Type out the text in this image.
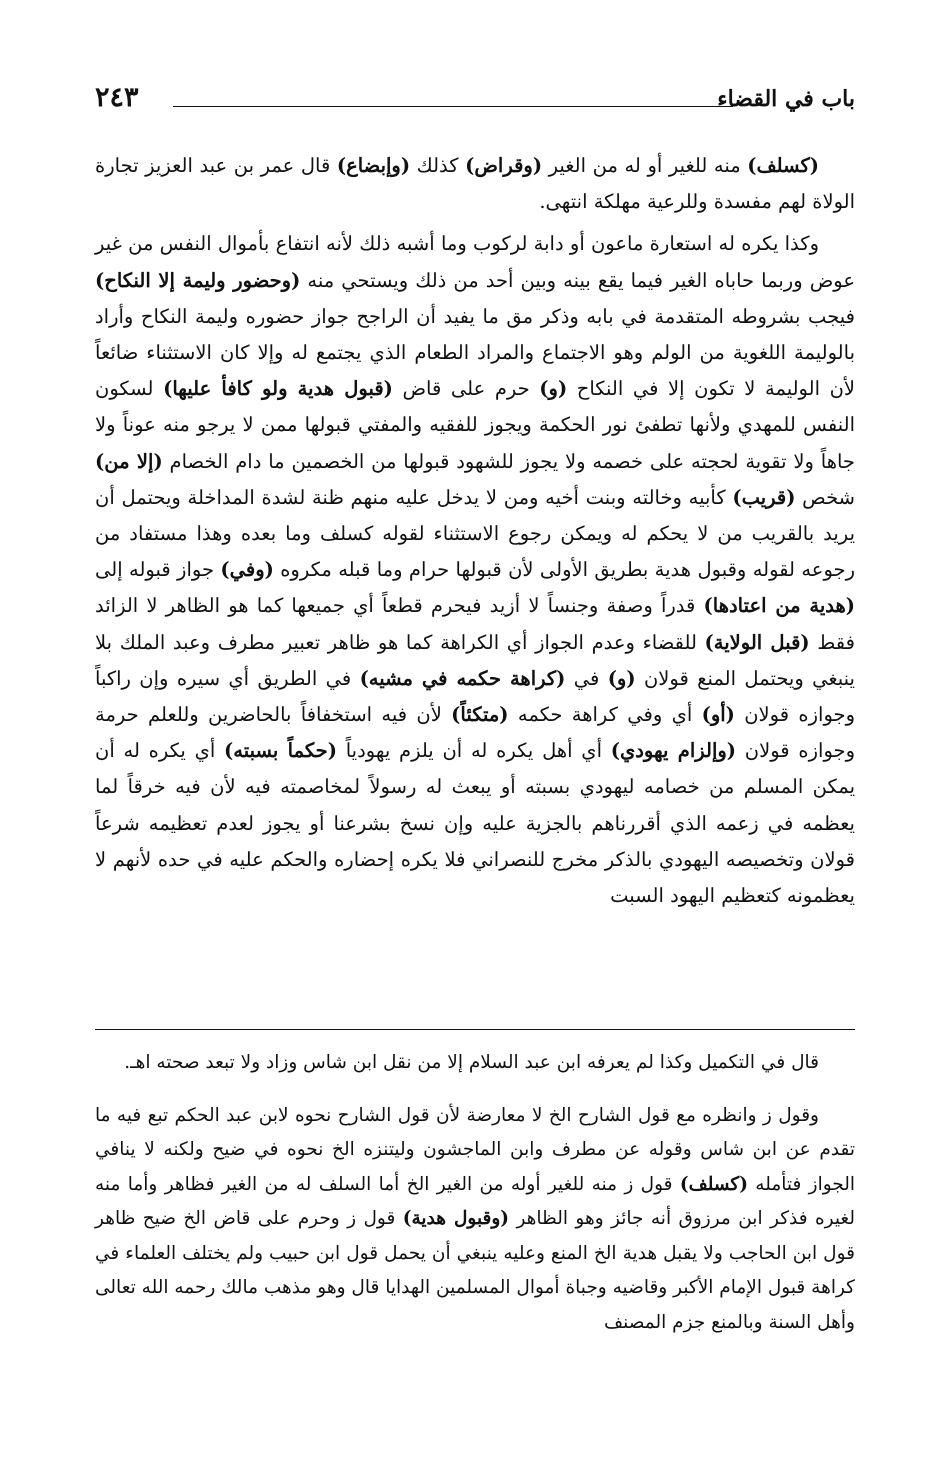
باب في القضاء
٢٤٣

(كسلف) منه للغير أو له من الغير (وقراض) كذلك (وإبضاع) قال عمر بن عبد العزيز تجارة الولاة لهم مفسدة وللرعية مهلكة انتهى.

وكذا يكره له استعارة ماعون أو دابة لركوب وما أشبه ذلك لأنه انتفاع بأموال النفس من غير عوض وربما حاباه الغير فيما يقع بينه وبين أحد من ذلك ويستحي منه (وحضور وليمة إلا النكاح) فيجب بشروطه المتقدمة في بابه وذكر مق ما يفيد أن الراجح جواز حضوره وليمة النكاح وأراد بالوليمة اللغوية من الولم وهو الاجتماع والمراد الطعام الذي يجتمع له وإلا كان الاستثناء ضائعاً لأن الوليمة لا تكون إلا في النكاح (و) حرم على قاض (قبول هدية ولو كافأ عليها) لسكون النفس للمهدي ولأنها تطفئ نور الحكمة ويجوز للفقيه والمفتي قبولها ممن لا يرجو منه عوناً ولا جاهاً ولا تقوية لحجته على خصمه ولا يجوز للشهود قبولها من الخصمين ما دام الخصام (إلا من) شخص (قريب) كأبيه وخالته وبنت أخيه ومن لا يدخل عليه منهم ظنة لشدة المداخلة ويحتمل أن يريد بالقريب من لا يحكم له ويمكن رجوع الاستثناء لقوله كسلف وما بعده وهذا مستفاد من رجوعه لقوله وقبول هدية بطريق الأولى لأن قبولها حرام وما قبله مكروه (وفي) جواز قبوله إلى (هدية من اعتادها) قدراً وصفة وجنساً لا أزيد فيحرم قطعاً أي جميعها كما هو الظاهر لا الزائد فقط (قبل الولاية) للقضاء وعدم الجواز أي الكراهة كما هو ظاهر تعبير مطرف وعبد الملك بلا ينبغي ويحتمل المنع قولان (و) في (كراهة حكمه في مشيه) في الطريق أي سيره وإن راكباً وجوازه قولان (أو) أي وفي كراهة حكمه (متكئاً) لأن فيه استخفافاً بالحاضرين وللعلم حرمة وجوازه قولان (وإلزام يهودي) أي أهل يكره له أن يلزم يهودياً (حكماً بسبته) أي يكره له أن يمكن المسلم من خصامه ليهودي بسبته أو يبعث له رسولاً لمخاصمته فيه لأن فيه خرقاً لما يعظمه في زعمه الذي أقررناهم بالجزية عليه وإن نسخ بشرعنا أو يجوز لعدم تعظيمه شرعاً قولان وتخصيصه اليهودي بالذكر مخرج للنصراني فلا يكره إحضاره والحكم عليه في حده لأنهم لا يعظمونه كتعظيم اليهود السبت

قال في التكميل وكذا لم يعرفه ابن عبد السلام إلا من نقل ابن شاس وزاد ولا تبعد صحته اهـ.

وقول ز وانظره مع قول الشارح الخ لا معارضة لأن قول الشارح نحوه لابن عبد الحكم تبع فيه ما تقدم عن ابن شاس وقوله عن مطرف وابن الماجشون وليتنزه الخ نحوه في ضيح ولكنه لا ينافي الجواز فتأمله (كسلف) قول ز منه للغير أوله من الغير الخ أما السلف له من الغير فظاهر وأما منه لغيره فذكر ابن مرزوق أنه جائز وهو الظاهر (وقبول هدية) قول ز وحرم على قاض الخ ضيح ظاهر قول ابن الحاجب ولا يقبل هدية الخ المنع وعليه ينبغي أن يحمل قول ابن حبيب ولم يختلف العلماء في كراهة قبول الإمام الأكبر وقاضيه وجباة أموال المسلمين الهدايا قال وهو مذهب مالك رحمه الله تعالى وأهل السنة وبالمنع جزم المصنف
